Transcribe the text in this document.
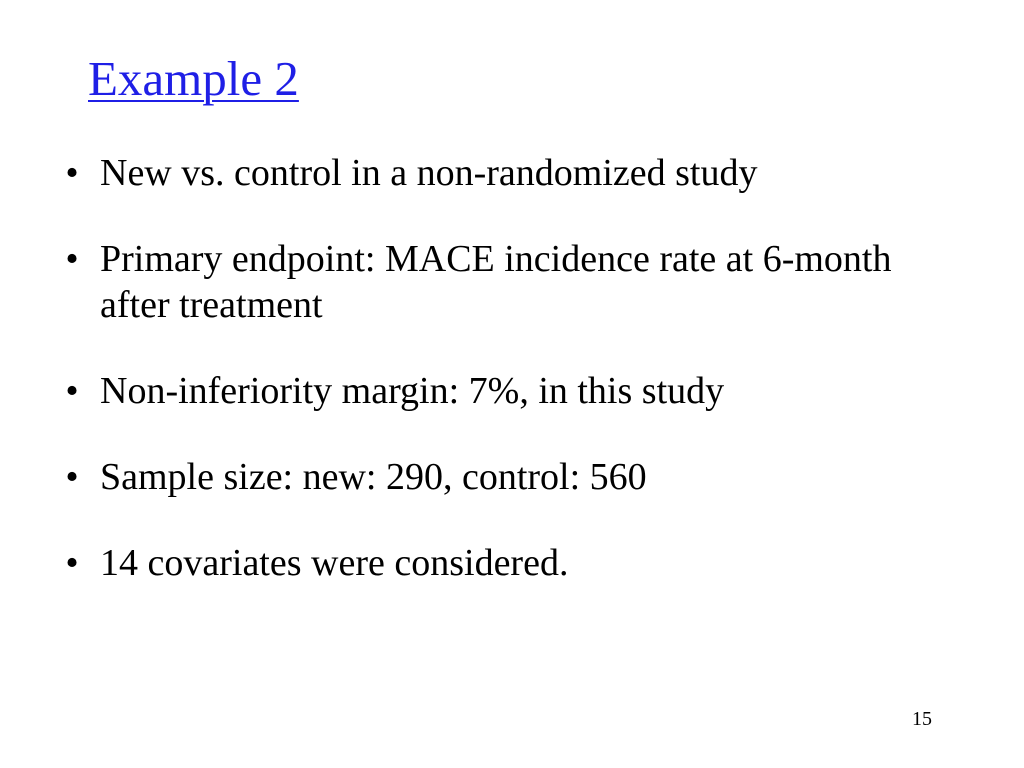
Example 2
• New vs. control in a non-randomized study
• Primary endpoint: MACE incidence rate at 6-month after treatment
• Non-inferiority margin: 7%, in this study
• Sample size: new: 290, control: 560
• 14 covariates were considered.
15
